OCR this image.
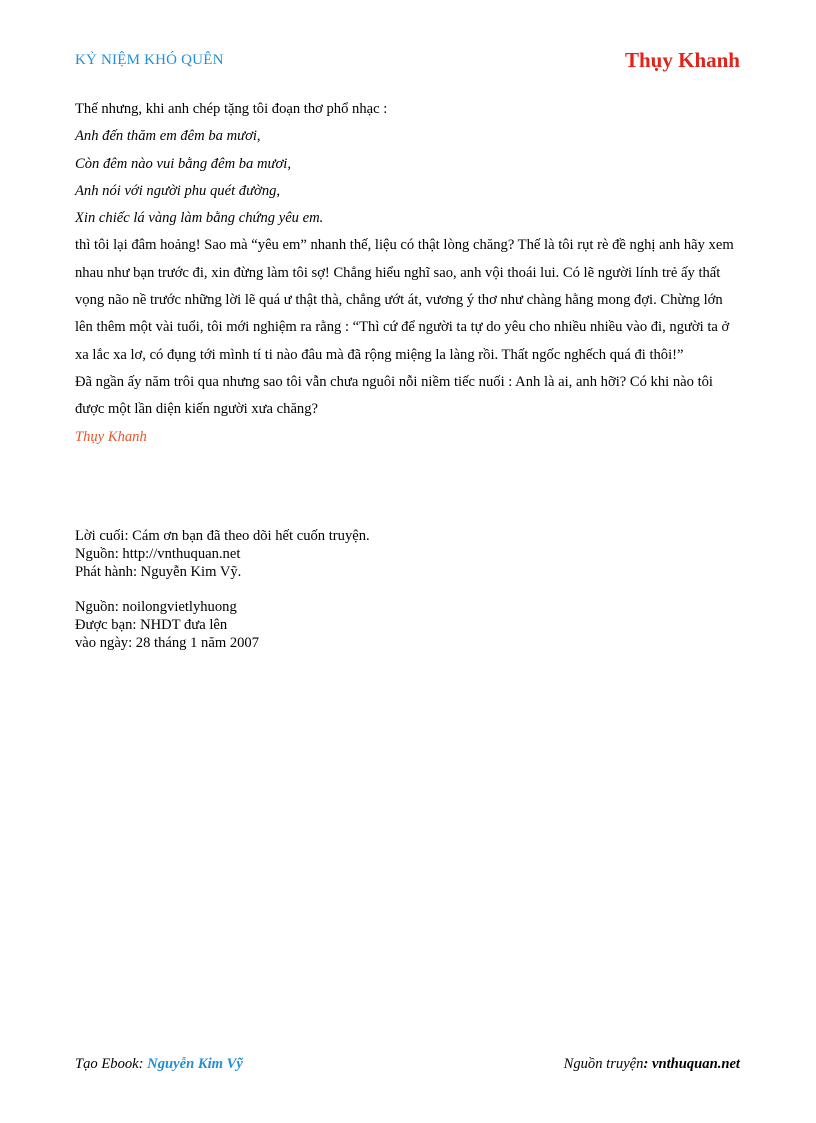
KỶ NIỆM KHÓ QUÊN	Thụy Khanh

Thế nhưng, khi anh chép tặng tôi đoạn thơ phổ nhạc :

Anh đến thăm em đêm ba mươi,

Còn đêm nào vui bằng đêm ba mươi,

Anh nói với người phu quét đường,

Xin chiếc lá vàng làm bằng chứng yêu em.

thì tôi lại đâm hoảng! Sao mà “yêu em” nhanh thế, liệu có thật lòng chăng? Thế là tôi rụt rè đề nghị anh hãy xem nhau như bạn trước đi, xin đừng làm tôi sợ! Chẳng hiểu nghĩ sao, anh vội thoái lui. Có lẽ người lính trẻ ấy thất vọng não nề trước những lời lẽ quá ư thật thà, chẳng ướt át, vương ý thơ như chàng hằng mong đợi. Chừng lớn lên thêm một vài tuổi, tôi mới nghiệm ra rằng : “Thì cứ để người ta tự do yêu cho nhiều nhiều vào đi, người ta ở xa lắc xa lơ, có đụng tới mình tí ti nào đâu mà đã rộng miệng la làng rồi. Thất ngốc nghếch quá đi thôi!”

Đã ngần ấy năm trôi qua nhưng sao tôi vẫn chưa nguôi nỗi niềm tiếc nuối : Anh là ai, anh hỡi? Có khi nào tôi được một lần diện kiến người xưa chăng?

Thụy Khanh

Lời cuối: Cám ơn bạn đã theo dõi hết cuốn truyện.

Nguồn: http://vnthuquan.net

Phát hành: Nguyễn Kim Vỹ.

Nguồn: noilongvietlyhuong

Được bạn: NHDT đưa lên

vào ngày: 28 tháng 1 năm 2007

Tạo Ebook: Nguyễn Kim Vỹ	Nguồn truyện: vnthuquan.net
